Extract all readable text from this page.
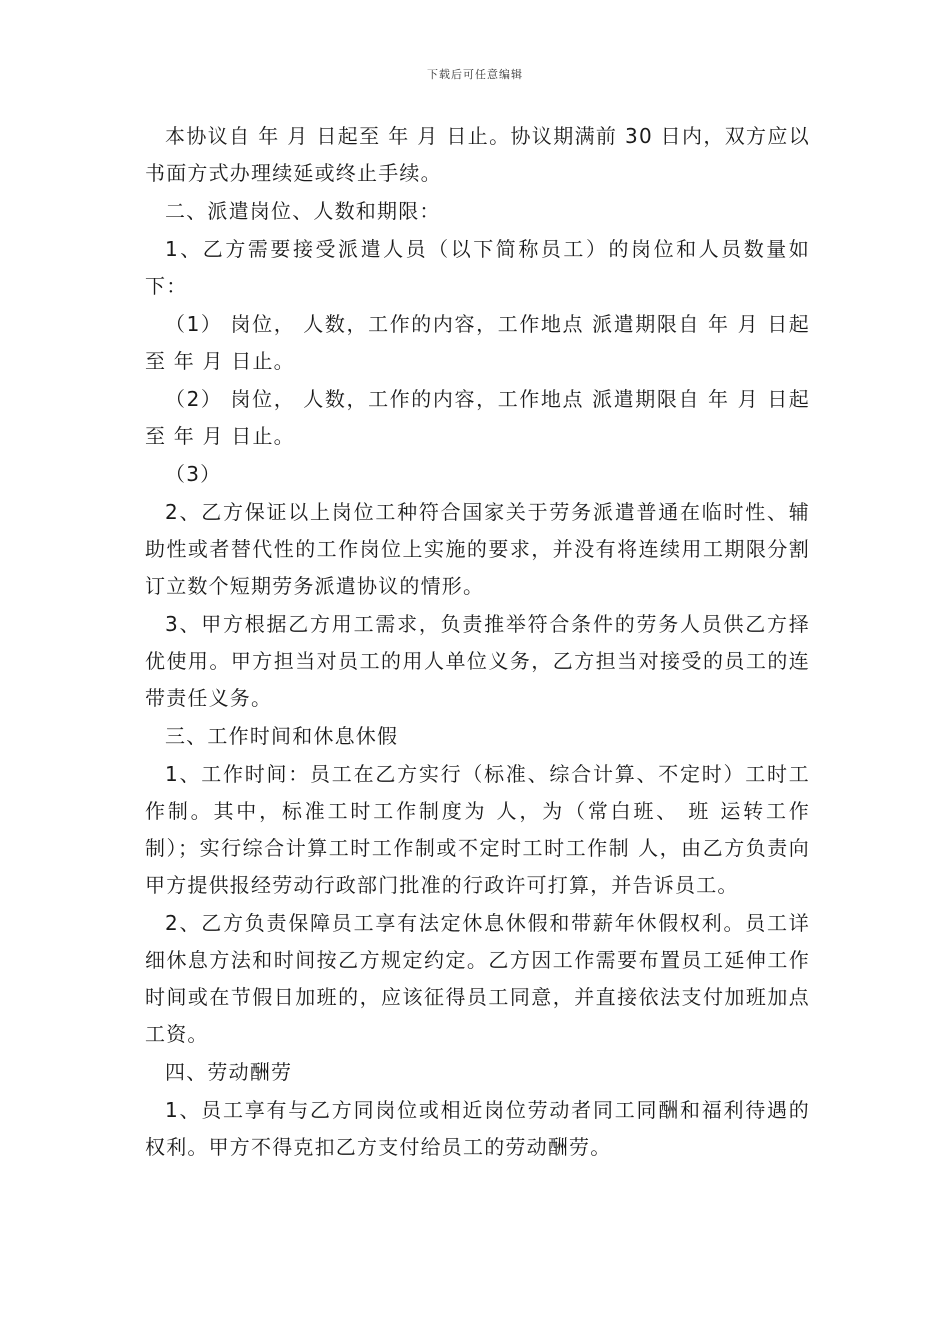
下载后可任意编辑

本协议自 年 月 日起至 年 月 日止。协议期满前 30 日内，双方应以书面方式办理续延或终止手续。

二、派遣岗位、人数和期限：

1、乙方需要接受派遣人员（以下简称员工）的岗位和人员数量如下：

（1） 岗位， 人数，工作的内容，工作地点 派遣期限自 年 月 日起至 年 月 日止。

（2） 岗位， 人数，工作的内容，工作地点 派遣期限自 年 月 日起至 年 月 日止。

（3）

2、乙方保证以上岗位工种符合国家关于劳务派遣普通在临时性、辅助性或者替代性的工作岗位上实施的要求，并没有将连续用工期限分割订立数个短期劳务派遣协议的情形。

3、甲方根据乙方用工需求，负责推举符合条件的劳务人员供乙方择优使用。甲方担当对员工的用人单位义务，乙方担当对接受的员工的连带责任义务。

三、工作时间和休息休假

1、工作时间：员工在乙方实行（标准、综合计算、不定时）工时工作制。其中，标准工时工作制度为 人，为（常白班、 班 运转工作制）；实行综合计算工时工作制或不定时工时工作制 人，由乙方负责向甲方提供报经劳动行政部门批准的行政许可打算，并告诉员工。

2、乙方负责保障员工享有法定休息休假和带薪年休假权利。员工详细休息方法和时间按乙方规定约定。乙方因工作需要布置员工延伸工作时间或在节假日加班的，应该征得员工同意，并直接依法支付加班加点工资。

四、劳动酬劳

1、员工享有与乙方同岗位或相近岗位劳动者同工同酬和福利待遇的权利。甲方不得克扣乙方支付给员工的劳动酬劳。
